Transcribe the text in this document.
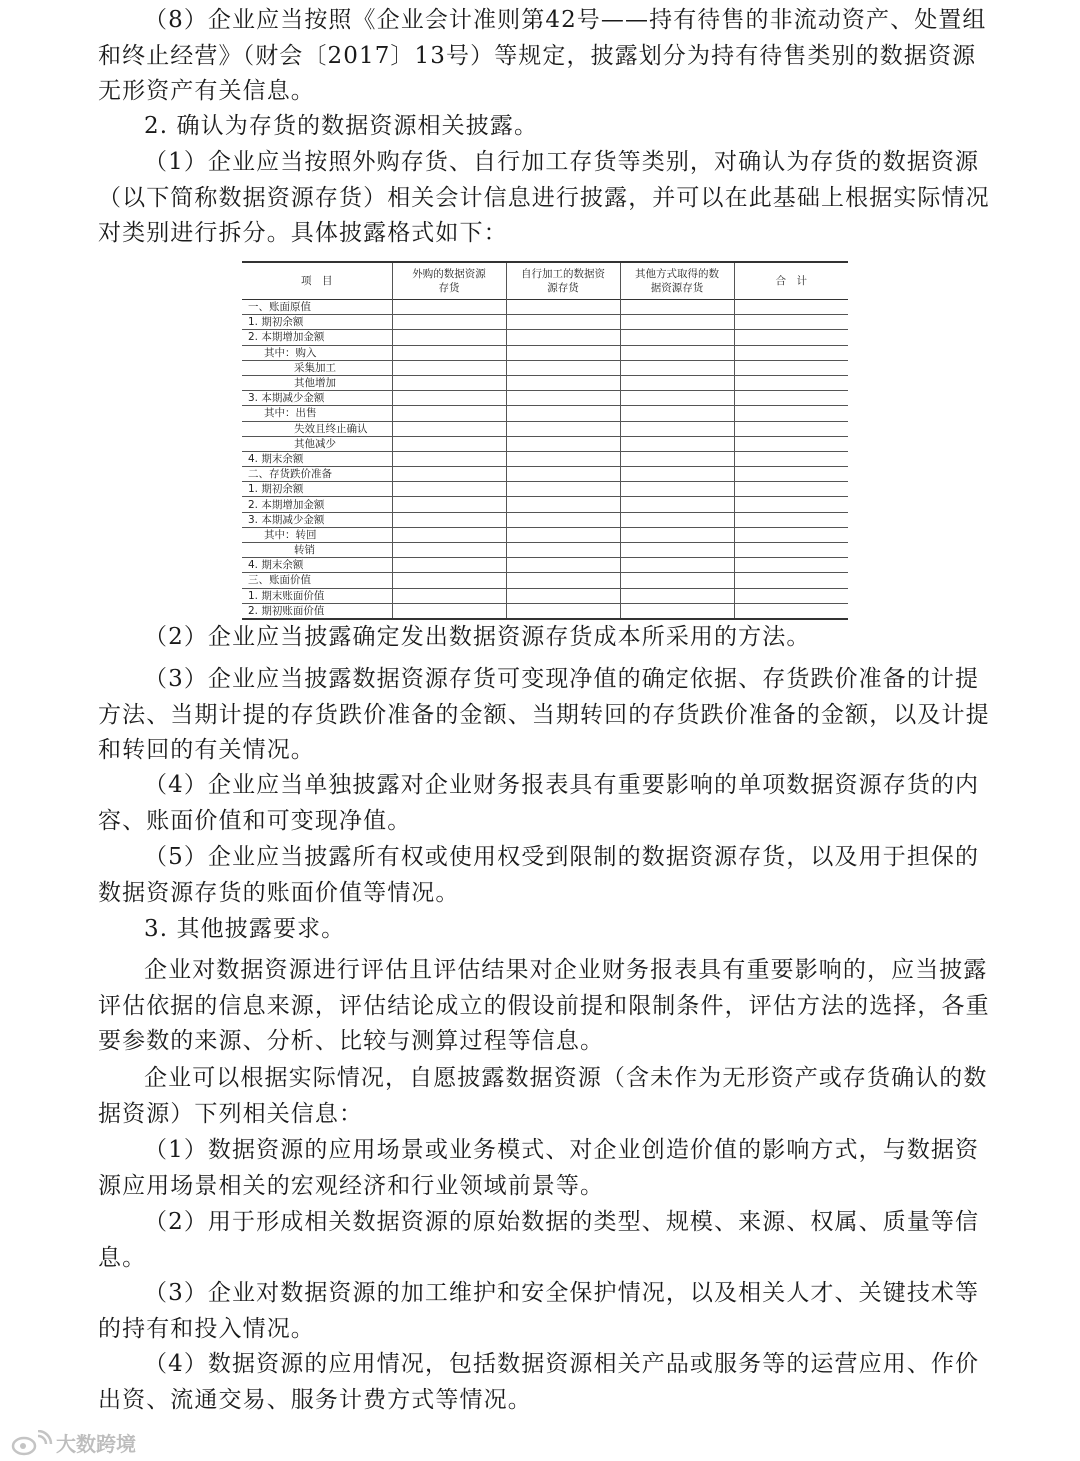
（8）企业应当按照《企业会计准则第42号——持有待售的非流动资产、处置组和终止经营》（财会〔2017〕13号）等规定，披露划分为持有待售类别的数据资源无形资产有关信息。

2. 确认为存货的数据资源相关披露。

（1）企业应当按照外购存货、自行加工存货等类别，对确认为存货的数据资源（以下简称数据资源存货）相关会计信息进行披露，并可以在此基础上根据实际情况对类别进行拆分。具体披露格式如下：

项　目	外购的数据资源存货	自行加工的数据资源存货	其他方式取得的数据资源存货	合　计
一、账面原值				
1. 期初余额				
2. 本期增加金额				
其中：购入				
采集加工				
其他增加				
3. 本期减少金额				
其中：出售				
失效且终止确认				
其他减少				
4. 期末余额				
二、存货跌价准备				
1. 期初余额				
2. 本期增加金额				
3. 本期减少金额				
其中：转回				
转销				
4. 期末余额				
三、账面价值				
1. 期末账面价值				
2. 期初账面价值				

（2）企业应当披露确定发出数据资源存货成本所采用的方法。

（3）企业应当披露数据资源存货可变现净值的确定依据、存货跌价准备的计提方法、当期计提的存货跌价准备的金额、当期转回的存货跌价准备的金额，以及计提和转回的有关情况。

（4）企业应当单独披露对企业财务报表具有重要影响的单项数据资源存货的内容、账面价值和可变现净值。

（5）企业应当披露所有权或使用权受到限制的数据资源存货，以及用于担保的数据资源存货的账面价值等情况。

3. 其他披露要求。

企业对数据资源进行评估且评估结果对企业财务报表具有重要影响的，应当披露评估依据的信息来源，评估结论成立的假设前提和限制条件，评估方法的选择，各重要参数的来源、分析、比较与测算过程等信息。

企业可以根据实际情况，自愿披露数据资源（含未作为无形资产或存货确认的数据资源）下列相关信息：

（1）数据资源的应用场景或业务模式、对企业创造价值的影响方式，与数据资源应用场景相关的宏观经济和行业领域前景等。

（2）用于形成相关数据资源的原始数据的类型、规模、来源、权属、质量等信息。

（3）企业对数据资源的加工维护和安全保护情况，以及相关人才、关键技术等的持有和投入情况。

（4）数据资源的应用情况，包括数据资源相关产品或服务等的运营应用、作价出资、流通交易、服务计费方式等情况。

大数跨境
